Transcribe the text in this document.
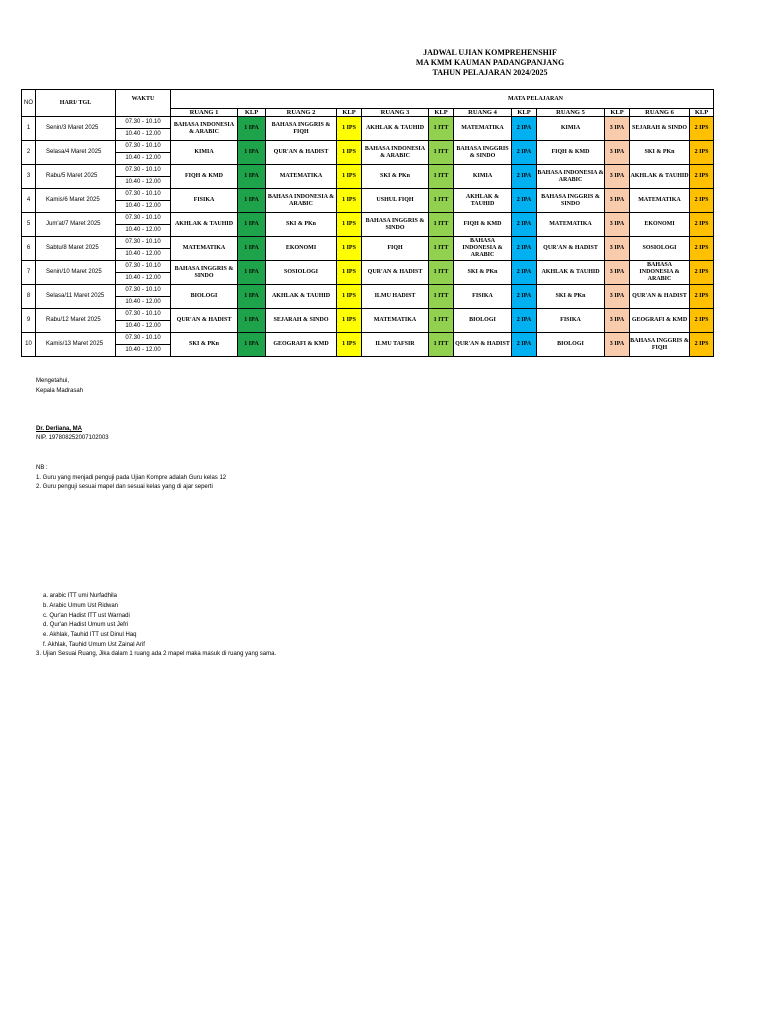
JADWAL UJIAN KOMPREHENSHIF
MA KMM KAUMAN PADANGPANJANG
TAHUN PELAJARAN 2024/2025
NO	HARI/ TGL	WAKTU	MATA PELAJARAN											
			RUANG 1	KLP	RUANG 2	KLP	RUANG 3	KLP	RUANG 4	KLP	RUANG 5	KLP	RUANG 6	KLP
1	Senin/3 Maret 2025	07.30 - 10.10	BAHASA INDONESIA & ARABIC	1 IPA	BAHASA INGGRIS & FIQH	1 IPS	AKHLAK & TAUHID	1 ITT	MATEMATIKA	2 IPA	KIMIA	3 IPA	SEJARAH & SINDO	2 IPS
		10.40 - 12.00												
2	Selasa/4 Maret 2025	07.30 - 10.10	KIMIA	1 IPA	QUR'AN & HADIST	1 IPS	BAHASA INDONESIA & ARABIC	1 ITT	BAHASA INGGRIS & SINDO	2 IPA	FIQH & KMD	3 IPA	SKI & PKn	2 IPS
		10.40 - 12.00												
3	Rabu/5 Maret 2025	07.30 - 10.10	FIQH & KMD	1 IPA	MATEMATIKA	1 IPS	SKI & PKn	1 ITT	KIMIA	2 IPA	BAHASA INDONESIA & ARABIC	3 IPA	AKHLAK & TAUHID	2 IPS
		10.40 - 12.00												
4	Kamis/6 Maret 2025	07.30 - 10.10	FISIKA	1 IPA	BAHASA INDONESIA & ARABIC	1 IPS	USHUL FIQH	1 ITT	AKHLAK & TAUHID	2 IPA	BAHASA INGGRIS & SINDO	3 IPA	MATEMATIKA	2 IPS
		10.40 - 12.00												
5	Jum'at/7 Maret 2025	07.30 - 10.10	AKHLAK & TAUHID	1 IPA	SKI & PKn	1 IPS	BAHASA INGGRIS & SINDO	1 ITT	FIQH & KMD	2 IPA	MATEMATIKA	3 IPA	EKONOMI	2 IPS
		10.40 - 12.00												
6	Sabtu/8 Maret 2025	07.30 - 10.10	MATEMATIKA	1 IPA	EKONOMI	1 IPS	FIQH	1 ITT	BAHASA INDONESIA & ARABIC	2 IPA	QUR'AN & HADIST	3 IPA	SOSIOLOGI	2 IPS
		10.40 - 12.00												
7	Senin/10 Maret 2025	07.30 - 10.10	BAHASA INGGRIS & SINDO	1 IPA	SOSIOLOGI	1 IPS	QUR'AN & HADIST	1 ITT	SKI & PKn	2 IPA	AKHLAK & TAUHID	3 IPA	BAHASA INDONESIA & ARABIC	2 IPS
		10.40 - 12.00												
8	Selasa/11 Maret 2025	07.30 - 10.10	BIOLOGI	1 IPA	AKHLAK & TAUHID	1 IPS	ILMU HADIST	1 ITT	FISIKA	2 IPA	SKI & PKn	3 IPA	QUR'AN & HADIST	2 IPS
		10.40 - 12.00												
9	Rabu/12 Maret 2025	07.30 - 10.10	QUR'AN & HADIST	1 IPA	SEJARAH & SINDO	1 IPS	MATEMATIKA	1 ITT	BIOLOGI	2 IPA	FISIKA	3 IPA	GEOGRAFI & KMD	2 IPS
		10.40 - 12.00												
10	Kamis/13 Maret 2025	07.30 - 10.10	SKI & PKn	1 IPA	GEOGRAFI & KMD	1 IPS	ILMU TAFSIR	1 ITT	QUR'AN & HADIST	2 IPA	BIOLOGI	3 IPA	BAHASA INGGRIS & FIQH	2 IPS
		10.40 - 12.00												
Mengetahui,
Kepala Madrasah
Dr. Derliana, MA
NIP. 197808252007102003
NB :
1. Guru yang menjadi penguji pada Ujian Kompre adalah Guru kelas 12
2. Guru penguji sesuai mapel dan sesuai kelas yang di ajar seperti
a. arabic ITT umi Nurfadhila
b. Arabic Umum Ust Ridwan
c. Qur'an Hadist ITT ust Warnadi
d. Qur'an Hadist Umum ust Jefri
e. Akhlak, Tauhid ITT ust Dinul Haq
f. Akhlak, Tauhid Umum Ust Zainal Arif
3. Ujian Sesuai Ruang, Jika dalam 1 ruang ada 2 mapel maka masuk di ruang yang sama.
